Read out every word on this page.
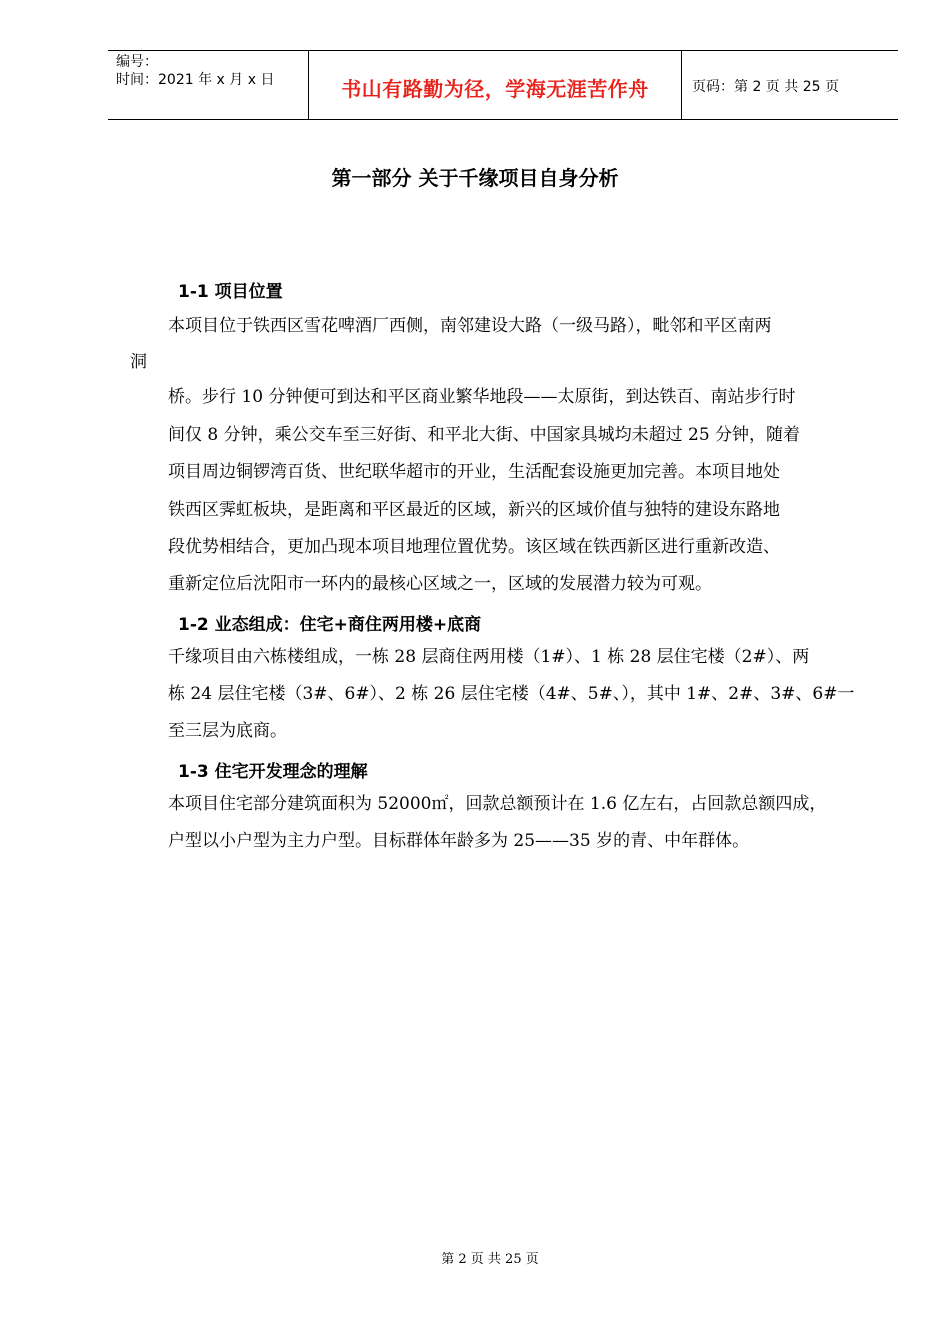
编号：
时间：2021 年 x 月 x 日	书山有路勤为径，学海无涯苦作舟	页码：第 2 页 共 25 页
第一部分 关于千缘项目自身分析
1-1 项目位置
本项目位于铁西区雪花啤酒厂西侧，南邻建设大路（一级马路），毗邻和平区南两
洞
桥。步行 10 分钟便可到达和平区商业繁华地段——太原街，到达铁百、南站步行时
间仅 8 分钟，乘公交车至三好街、和平北大街、中国家具城均未超过 25 分钟，随着
项目周边铜锣湾百货、世纪联华超市的开业，生活配套设施更加完善。本项目地处
铁西区霁虹板块，是距离和平区最近的区域，新兴的区域价值与独特的建设东路地
段优势相结合，更加凸现本项目地理位置优势。该区域在铁西新区进行重新改造、
重新定位后沈阳市一环内的最核心区域之一，区域的发展潜力较为可观。
1-2 业态组成：住宅+商住两用楼+底商
千缘项目由六栋楼组成，一栋 28 层商住两用楼（1#）、1 栋 28 层住宅楼（2#）、两
栋 24 层住宅楼（3#、6#）、2 栋 26 层住宅楼（4#、5#、），其中 1#、2#、3#、6#一
至三层为底商。
1-3 住宅开发理念的理解
本项目住宅部分建筑面积为 52000㎡，回款总额预计在 1.6 亿左右，占回款总额四成，
户型以小户型为主力户型。目标群体年龄多为 25——35 岁的青、中年群体。
第 2 页 共 25 页
